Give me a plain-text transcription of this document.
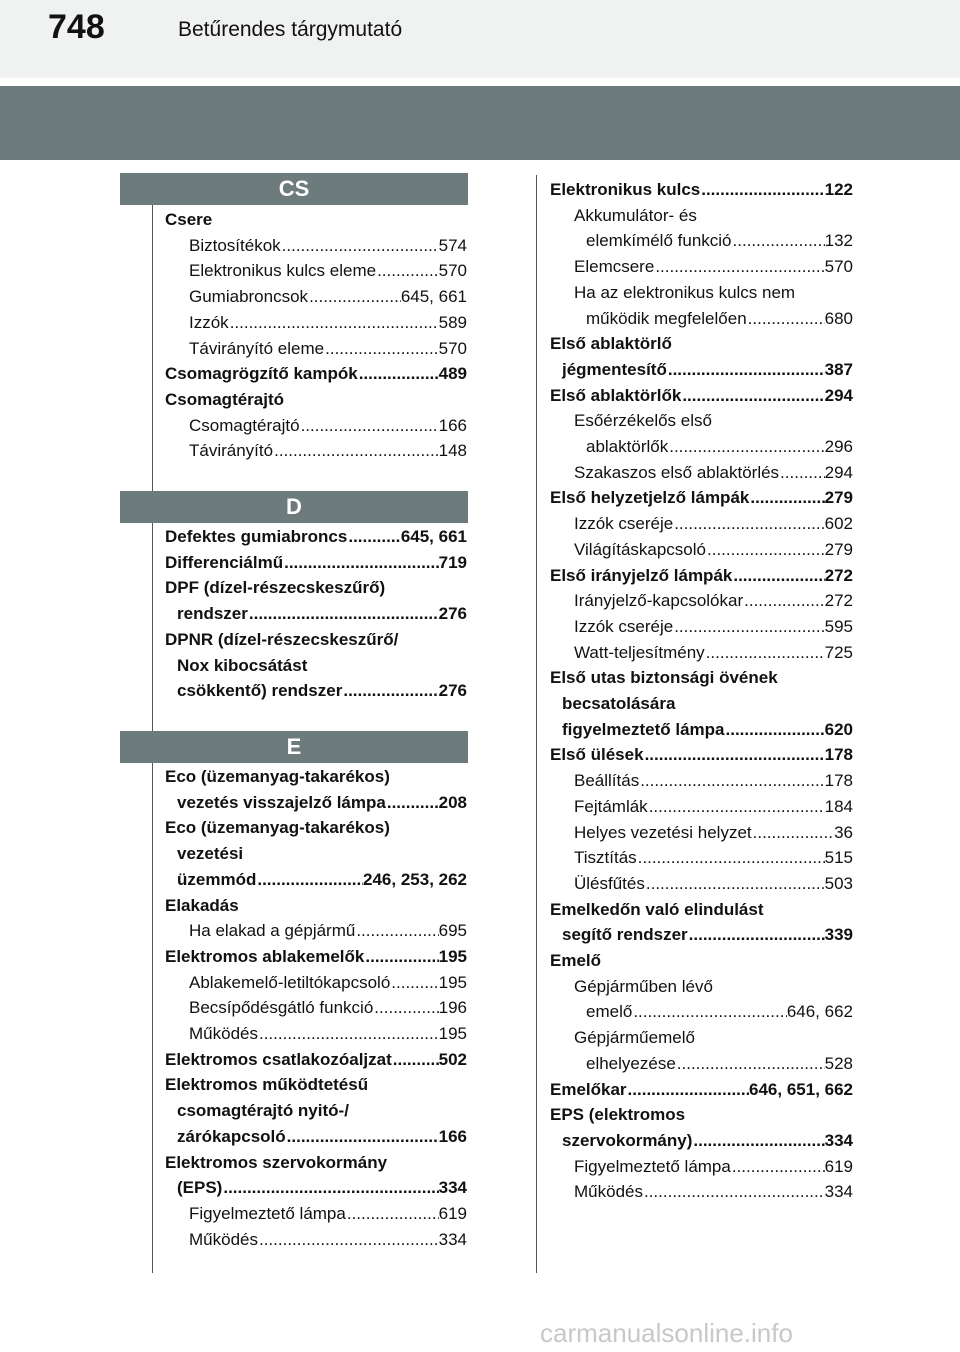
748	Betűrendes tárgymutató
CS
D
E
Csere
Biztosítékok .....	574
Elektronikus kulcs eleme .....	570
Gumiabroncsok .....	645, 661
Izzók .....	589
Távirányító eleme .....	570
Csomagrögzítő kampók .....	489
Csomagtérajtó
Csomagtérajtó .....	166
Távirányító .....	148
Defektes gumiabroncs .....	645, 661
Differenciálmű .....	719
DPF (dízel-részecskeszűrő)
rendszer .....	276
DPNR (dízel-részecskeszűrő/
Nox kibocsátást
csökkentő) rendszer .....	276
Eco (üzemanyag-takarékos)
vezetés visszajelző lámpa .....	208
Eco (üzemanyag-takarékos)
vezetési
üzemmód .....	246, 253, 262
Elakadás
Ha elakad a gépjármű .....	695
Elektromos ablakemelők .....	195
Ablakemelő-letiltókapcsoló .....	195
Becsípődésgátló funkció .....	196
Működés .....	195
Elektromos csatlakozóaljzat .....	502
Elektromos működtetésű
csomagtérajtó nyitó-/
zárókapcsoló .....	166
Elektromos szervokormány
(EPS) .....	334
Figyelmeztető lámpa .....	619
Működés .....	334
Elektronikus kulcs .....	122
Akkumulátor- és
elemkímélő funkció .....	132
Elemcsere .....	570
Ha az elektronikus kulcs nem
működik megfelelően .....	680
Első ablaktörlő
jégmentesítő .....	387
Első ablaktörlők .....	294
Esőérzékelős első
ablaktörlők .....	296
Szakaszos első ablaktörlés .....	294
Első helyzetjelző lámpák .....	279
Izzók cseréje .....	602
Világításkapcsoló .....	279
Első irányjelző lámpák .....	272
Irányjelző-kapcsolókar .....	272
Izzók cseréje .....	595
Watt-teljesítmény .....	725
Első utas biztonsági övének
becsatolására
figyelmeztető lámpa .....	620
Első ülések .....	178
Beállítás .....	178
Fejtámlák .....	184
Helyes vezetési helyzet .....	36
Tisztítás .....	515
Ülésfűtés .....	503
Emelkedőn való elindulást
segítő rendszer .....	339
Emelő
Gépjárműben lévő
emelő .....	646, 662
Gépjárműemelő
elhelyezése .....	528
Emelőkar .....	646, 651, 662
EPS (elektromos
szervokormány) .....	334
Figyelmeztető lámpa .....	619
Működés .....	334
carmanualsonline.info
